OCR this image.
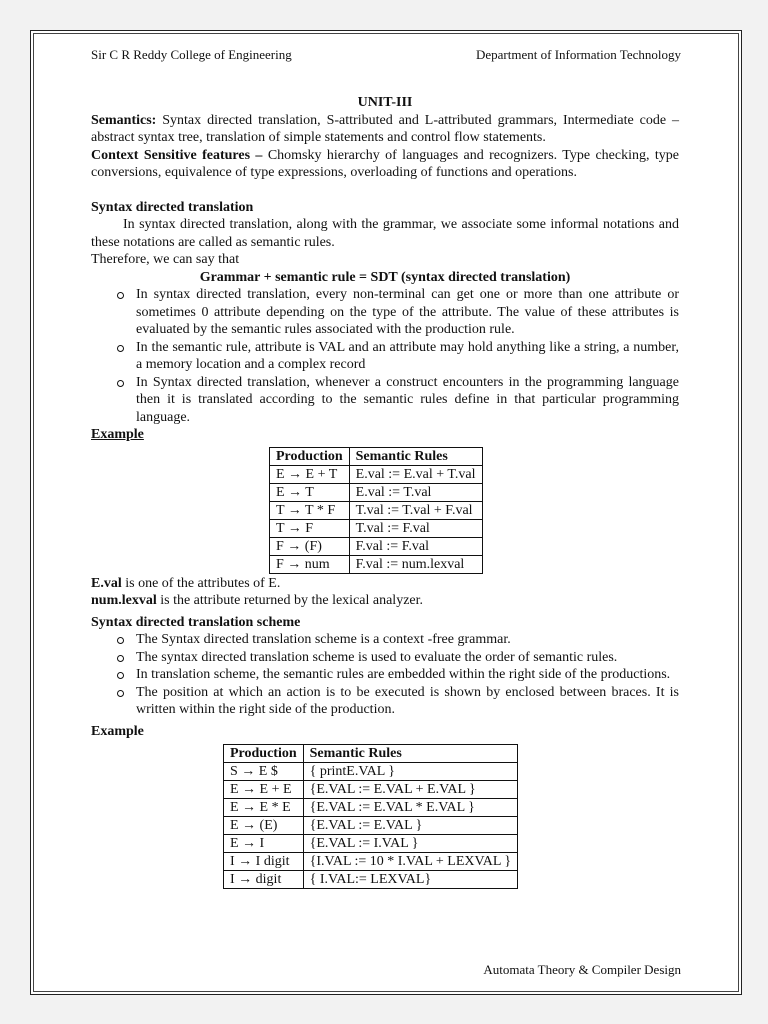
Sir C R Reddy College of Engineering	Department of Information Technology
UNIT-III

Semantics: Syntax directed translation, S-attributed and L-attributed grammars, Intermediate code – abstract syntax tree, translation of simple statements and control flow statements.

Context Sensitive features – Chomsky hierarchy of languages and recognizers. Type checking, type conversions, equivalence of type expressions, overloading of functions and operations.

Syntax directed translation

In syntax directed translation, along with the grammar, we associate some informal notations and these notations are called as semantic rules.

Therefore, we can say that

Grammar + semantic rule = SDT (syntax directed translation)
In syntax directed translation, every non-terminal can get one or more than one attribute or sometimes 0 attribute depending on the type of the attribute. The value of these attributes is evaluated by the semantic rules associated with the production rule.
In the semantic rule, attribute is VAL and an attribute may hold anything like a string, a number, a memory location and a complex record
In Syntax directed translation, whenever a construct encounters in the programming language then it is translated according to the semantic rules define in that particular programming language.
Example
Production	Semantic Rules
E → E + T	E.val := E.val + T.val
E → T	E.val := T.val
T → T * F	T.val := T.val + F.val
T → F	T.val := F.val
F → (F)	F.val := F.val
F → num	F.val := num.lexval

E.val is one of the attributes of E.

num.lexval is the attribute returned by the lexical analyzer.

Syntax directed translation scheme
The Syntax directed translation scheme is a context -free grammar.
The syntax directed translation scheme is used to evaluate the order of semantic rules.
In translation scheme, the semantic rules are embedded within the right side of the productions.
The position at which an action is to be executed is shown by enclosed between braces. It is written within the right side of the production.
Example
Production	Semantic Rules
S → E $	{ printE.VAL }
E → E + E	{E.VAL := E.VAL + E.VAL }
E → E * E	{E.VAL := E.VAL * E.VAL }
E → (E)	{E.VAL := E.VAL }
E → I	{E.VAL := I.VAL }
I → I digit	{I.VAL := 10 * I.VAL + LEXVAL }
I → digit	{ I.VAL:= LEXVAL}
Automata Theory & Compiler Design
